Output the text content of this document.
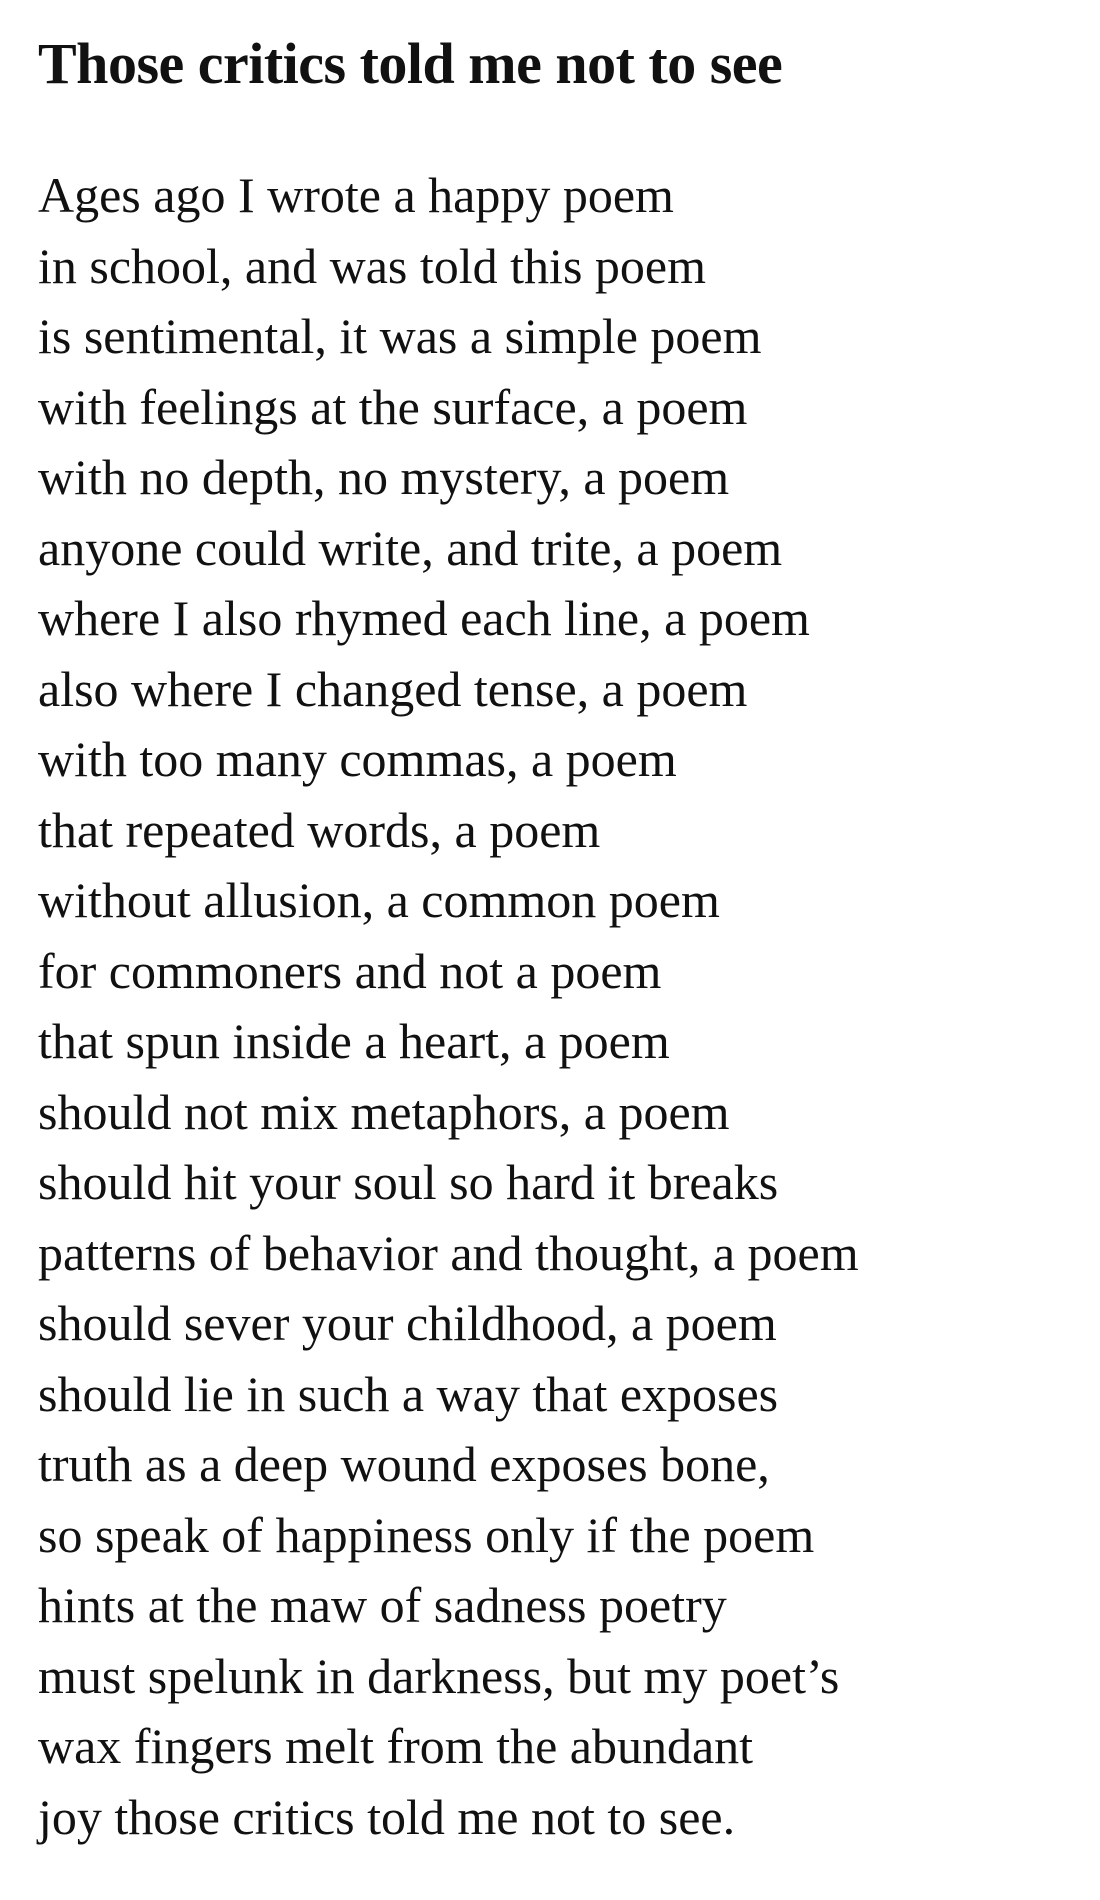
Those critics told me not to see

Ages ago I wrote a happy poem

in school, and was told this poem

is sentimental, it was a simple poem

with feelings at the surface, a poem

with no depth, no mystery, a poem

anyone could write, and trite, a poem

where I also rhymed each line, a poem

also where I changed tense, a poem

with too many commas, a poem

that repeated words, a poem

without allusion, a common poem

for commoners and not a poem

that spun inside a heart, a poem

should not mix metaphors, a poem

should hit your soul so hard it breaks

patterns of behavior and thought, a poem

should sever your childhood, a poem

should lie in such a way that exposes

truth as a deep wound exposes bone,

so speak of happiness only if the poem

hints at the maw of sadness poetry

must spelunk in darkness, but my poet’s

wax fingers melt from the abundant

joy those critics told me not to see.
